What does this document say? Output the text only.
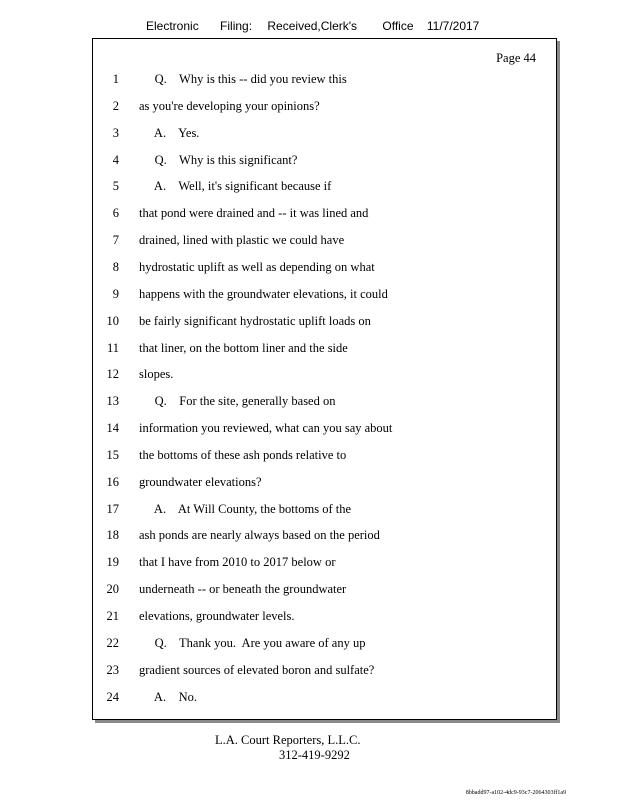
Electronic Filing: Received,Clerk's Office 11/7/2017
Page 44
1 Q.    Why is this -- did you review this
2 as you're developing your opinions?
3 A.    Yes.
4 Q.    Why is this significant?
5 A.    Well, it's significant because if
6 that pond were drained and -- it was lined and
7 drained, lined with plastic we could have
8 hydrostatic uplift as well as depending on what
9 happens with the groundwater elevations, it could
10 be fairly significant hydrostatic uplift loads on
11 that liner, on the bottom liner and the side
12 slopes.
13 Q.    For the site, generally based on
14 information you reviewed, what can you say about
15 the bottoms of these ash ponds relative to
16 groundwater elevations?
17 A.    At Will County, the bottoms of the
18 ash ponds are nearly always based on the period
19 that I have from 2010 to 2017 below or
20 underneath -- or beneath the groundwater
21 elevations, groundwater levels.
22 Q.    Thank you.  Are you aware of any up
23 gradient sources of elevated boron and sulfate?
24 A.    No.
L.A. Court Reporters, L.L.C.
312-419-9292
8bbadd97-a102-4dc9-93c7-2064303ff1a9
